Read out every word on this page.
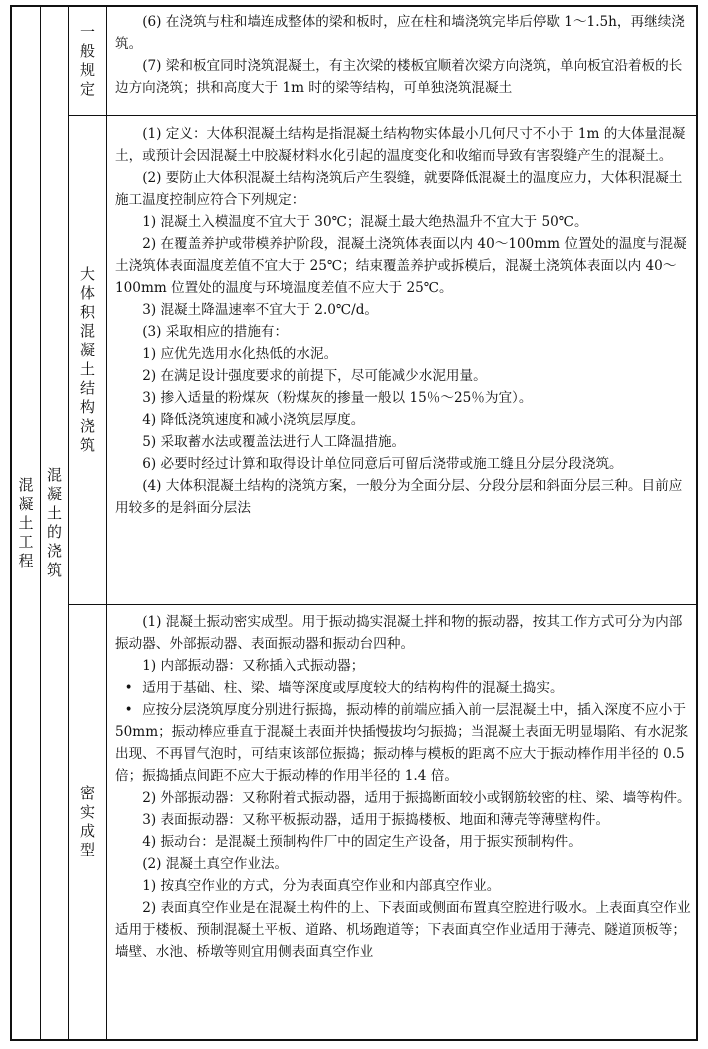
混凝土工程
混凝土的浇筑
一般规定
大体积混凝土结构浇筑
密实成型

(6) 在浇筑与柱和墙连成整体的梁和板时，应在柱和墙浇筑完毕后停歇 1～1.5h，再继续浇筑。

(7) 梁和板宜同时浇筑混凝土，有主次梁的楼板宜顺着次梁方向浇筑，单向板宜沿着板的长边方向浇筑；拱和高度大于 1m 时的梁等结构，可单独浇筑混凝土

(1) 定义：大体积混凝土结构是指混凝土结构物实体最小几何尺寸不小于 1m 的大体量混凝土，或预计会因混凝土中胶凝材料水化引起的温度变化和收缩而导致有害裂缝产生的混凝土。

(2) 要防止大体积混凝土结构浇筑后产生裂缝，就要降低混凝土的温度应力，大体积混凝土施工温度控制应符合下列规定：

1) 混凝土入模温度不宜大于 30℃；混凝土最大绝热温升不宜大于 50℃。

2) 在覆盖养护或带模养护阶段，混凝土浇筑体表面以内 40～100mm 位置处的温度与混凝土浇筑体表面温度差值不宜大于 25℃；结束覆盖养护或拆模后，混凝土浇筑体表面以内 40～100mm 位置处的温度与环境温度差值不应大于 25℃。

3) 混凝土降温速率不宜大于 2.0℃/d。

(3) 采取相应的措施有：

1) 应优先选用水化热低的水泥。

2) 在满足设计强度要求的前提下，尽可能减少水泥用量。

3) 掺入适量的粉煤灰（粉煤灰的掺量一般以 15％～25％为宜）。

4) 降低浇筑速度和减小浇筑层厚度。

5) 采取蓄水法或覆盖法进行人工降温措施。

6) 必要时经过计算和取得设计单位同意后可留后浇带或施工缝且分层分段浇筑。

(4) 大体积混凝土结构的浇筑方案，一般分为全面分层、分段分层和斜面分层三种。目前应用较多的是斜面分层法

(1) 混凝土振动密实成型。用于振动捣实混凝土拌和物的振动器，按其工作方式可分为内部振动器、外部振动器、表面振动器和振动台四种。

1) 内部振动器：又称插入式振动器；

• 适用于基础、柱、梁、墙等深度或厚度较大的结构构件的混凝土捣实。

• 应按分层浇筑厚度分别进行振捣，振动棒的前端应插入前一层混凝土中，插入深度不应小于 50mm；振动棒应垂直于混凝土表面并快插慢拔均匀振捣；当混凝土表面无明显塌陷、有水泥浆出现、不再冒气泡时，可结束该部位振捣；振动棒与模板的距离不应大于振动棒作用半径的 0.5 倍；振捣插点间距不应大于振动棒的作用半径的 1.4 倍。

2) 外部振动器：又称附着式振动器，适用于振捣断面较小或钢筋较密的柱、梁、墙等构件。

3) 表面振动器：又称平板振动器，适用于振捣楼板、地面和薄壳等薄壁构件。

4) 振动台：是混凝土预制构件厂中的固定生产设备，用于振实预制构件。

(2) 混凝土真空作业法。

1) 按真空作业的方式，分为表面真空作业和内部真空作业。

2) 表面真空作业是在混凝土构件的上、下表面或侧面布置真空腔进行吸水。上表面真空作业适用于楼板、预制混凝土平板、道路、机场跑道等；下表面真空作业适用于薄壳、隧道顶板等；墙壁、水池、桥墩等则宜用侧表面真空作业
